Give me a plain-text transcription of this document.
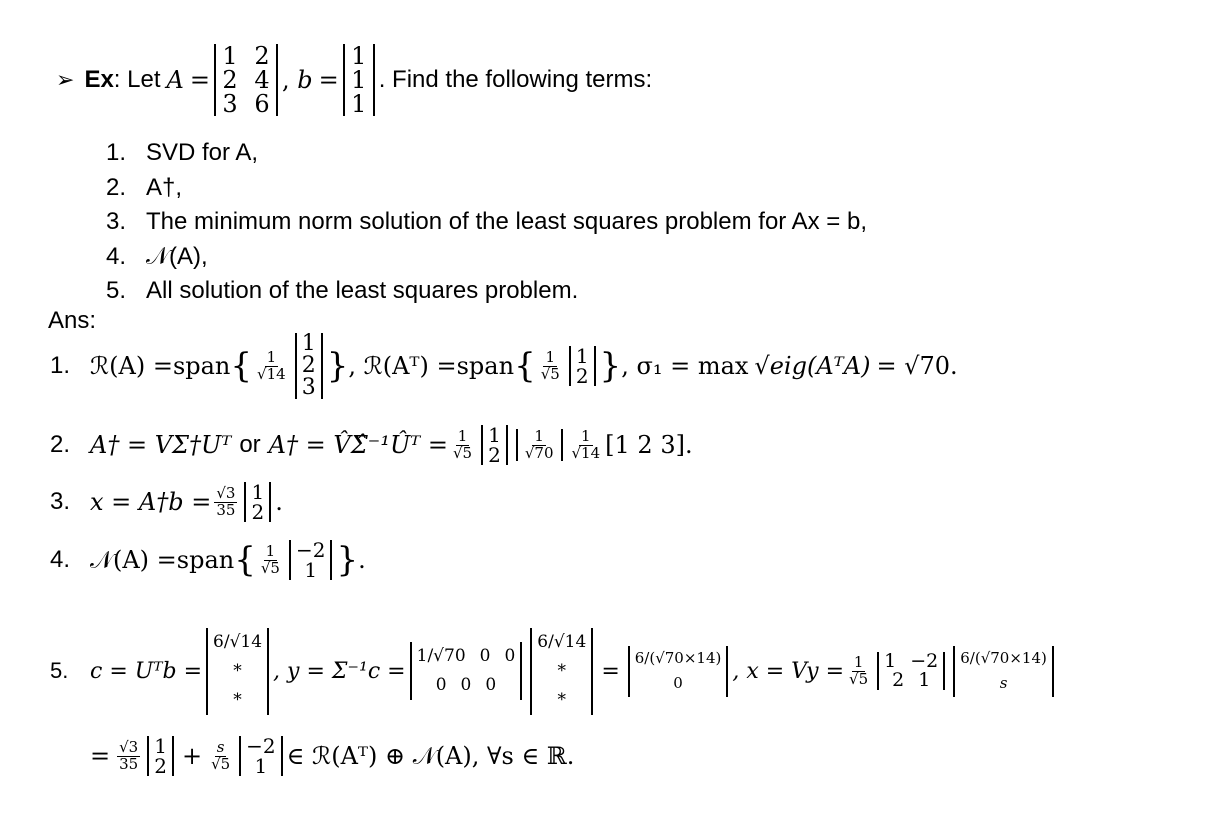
➢ Ex : Let A =
1 2
2 4
3 6
, b =
1
1
1
. Find the following terms:
1. SVD for A,
2. A†,
3. The minimum norm solution of the least squares problem for Ax = b,
4. 𝒩(A),
5. All solution of the least squares problem.
Ans:
1. ℛ(A) =span { $\frac{1}{√14}$
1
2
3
} , ℛ(Aᵀ) =span { $\frac{1}{√5} 1$
2 } , σ₁ = max √eig(AᵀA) = √70.
2. A† = VΣ†Uᵀ or A† = V̂Σ̂⁻¹Ûᵀ = $\frac{1}{√5} 1$
$2 \frac{1}{√70} \frac{1}{√14} [1$ 2 3].
3. x = A†b = $\frac{√3}{35} 1$
2 .
4. 𝒩(A) =span { $\frac{1}{√5} -2$
1 } .
5. c = Uᵀb =
6/√14
*
*
, y = Σ⁻¹c =
1/√70 0 0
0 0 0
6/√14
*
*
=
6/(√70×14)
0 , $x = Vy = \frac{1}{√5} 1 -2$
2 1
6/(√70×14)
s
= $\frac{√3}{35} 1$
$2 + \frac{s}{√5} -2$
1 ∈ ℛ(Aᵀ) ⊕ 𝒩(A), ∀s ∈ ℝ.
